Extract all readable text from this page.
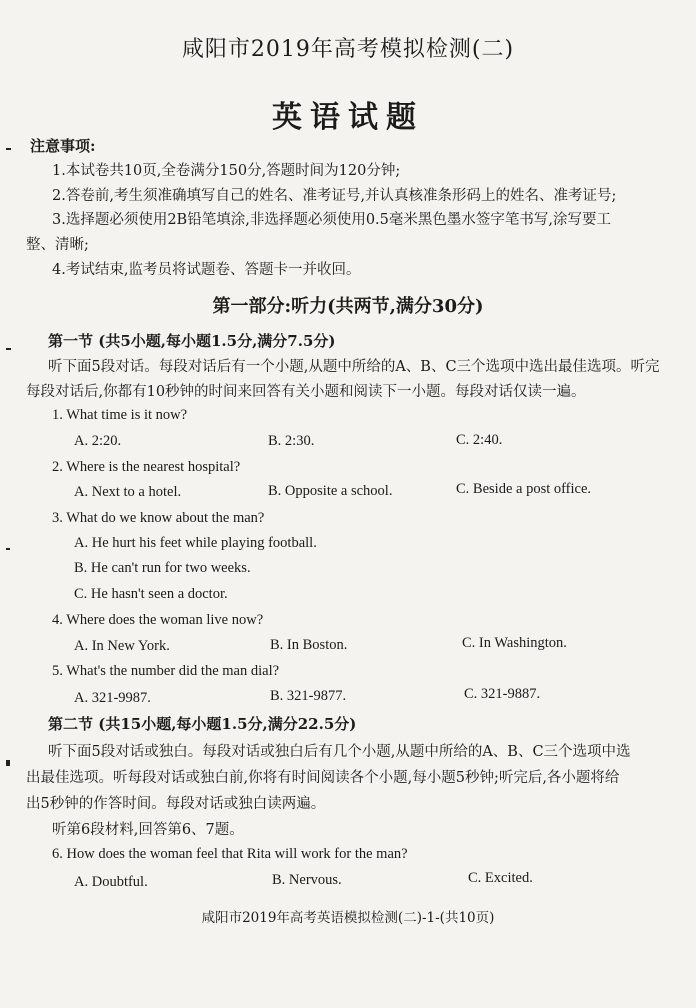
咸阳市2019年高考模拟检测(二)
英语试题
注意事项:
1.本试卷共10页,全卷满分150分,答题时间为120分钟;
2.答卷前,考生须准确填写自己的姓名、准考证号,并认真核准条形码上的姓名、准考证号;
3.选择题必须使用2B铅笔填涂,非选择题必须使用0.5毫米黑色墨水签字笔书写,涂写要工
整、清晰;
4.考试结束,监考员将试题卷、答题卡一并收回。
第一部分:听力(共两节,满分30分)
第一节 (共5小题,每小题1.5分,满分7.5分)
听下面5段对话。每段对话后有一个小题,从题中所给的A、B、C三个选项中选出最佳选项。听完
每段对话后,你都有10秒钟的时间来回答有关小题和阅读下一小题。每段对话仅读一遍。
1. What time is it now?
A. 2:20.	B. 2:30.	C. 2:40.
2. Where is the nearest hospital?
A. Next to a hotel.	B. Opposite a school.	C. Beside a post office.
3. What do we know about the man?
A. He hurt his feet while playing football.
B. He can't run for two weeks.
C. He hasn't seen a doctor.
4. Where does the woman live now?
A. In New York.	B. In Boston.	C. In Washington.
5. What's the number did the man dial?
A. 321-9987.	B. 321-9877.	C. 321-9887.
第二节 (共15小题,每小题1.5分,满分22.5分)
听下面5段对话或独白。每段对话或独白后有几个小题,从题中所给的A、B、C三个选项中选
出最佳选项。听每段对话或独白前,你将有时间阅读各个小题,每小题5秒钟;听完后,各小题将给
出5秒钟的作答时间。每段对话或独白读两遍。
听第6段材料,回答第6、7题。
6. How does the woman feel that Rita will work for the man?
A. Doubtful.	B. Nervous.	C. Excited.
咸阳市2019年高考英语模拟检测(二)-1-(共10页)
